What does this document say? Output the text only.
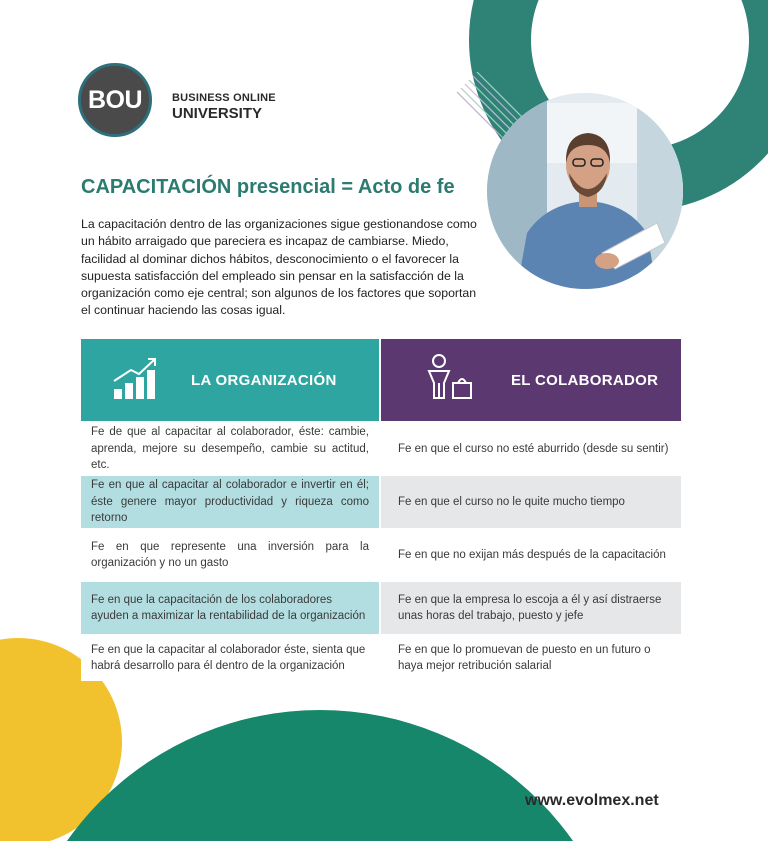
BOU	BUSINESS ONLINE
UNIVERSITY
CAPACITACIÓN presencial = Acto de fe
La capacitación dentro de las organizaciones sigue gestionandose como un hábito arraigado que pareciera es incapaz de cambiarse. Miedo, facilidad al dominar dichos hábitos, desconocimiento o el favorecer la supuesta satisfacción del empleado sin pensar en la satisfacción de la organización como eje central; son algunos de los factores que soportan el continuar haciendo las cosas igual.
LA ORGANIZACIÓN	EL COLABORADOR
Fe de que al capacitar al colaborador, éste: cambie, aprenda, mejore su desempeño, cambie su actitud, etc.
Fe en que el curso no esté aburrido (desde su sentir)
Fe en que al capacitar al colaborador e invertir en él; éste genere mayor productividad y riqueza como retorno
Fe en que el curso no le quite mucho tiempo
Fe en que represente una inversión para la organización y no un gasto
Fe en que no exijan más después de la capacitación
Fe en que la capacitación de los colaboradores ayuden a maximizar la rentabilidad de la organización
Fe en que la empresa lo escoja a él y así distraerse unas horas del trabajo, puesto y jefe
Fe en que la capacitar al colaborador éste, sienta que habrá desarrollo para él dentro de la organización
Fe en que lo promuevan de puesto en un futuro o haya mejor retribución salarial
www.evolmex.net
